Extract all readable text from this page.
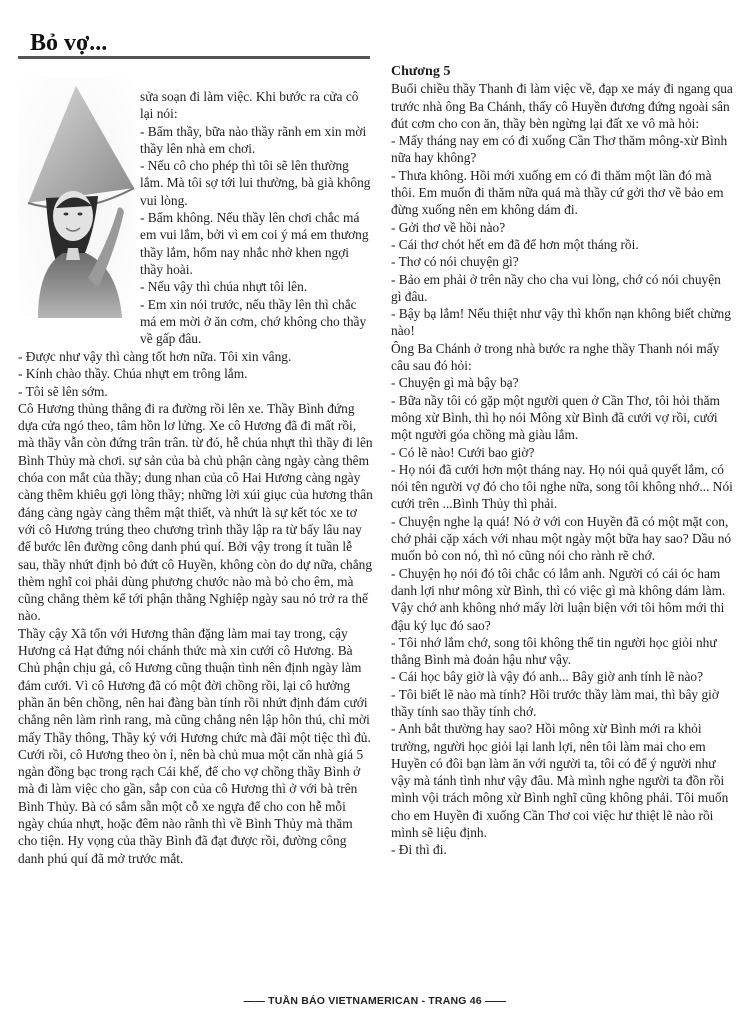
Bỏ vợ...

sửa soạn đi làm việc. Khi bước ra cửa cô lại nói:

- Bẩm thầy, bữa nào thầy rãnh em xin mời thầy lên nhà em chơi.

- Nếu cô cho phép thì tôi sẽ lên thường lắm. Mà tôi sợ tới lui thường, bà già không vui lòng.

- Bẩm không. Nếu thầy lên chơi chắc má em vui lắm, bởi vì em coi ý má em thương thầy lắm, hổm nay nhắc nhở khen ngợi thầy hoài.

- Nếu vậy thì chúa nhựt tôi lên.

- Em xin nói trước, nếu thầy lên thì chắc má em mời ở ăn cơm, chớ không cho thầy về gấp đâu.

- Được như vậy thì càng tốt hơn nữa. Tôi xin vâng.

- Kính chào thầy. Chúa nhựt em trông lắm.

- Tôi sẽ lên sớm.

Cô Hương thủng thẳng đi ra đường rồi lên xe. Thầy Bình đứng dựa cửa ngó theo, tâm hồn lơ lửng. Xe cô Hương đã đi mất rồi, mà thầy vẫn còn đứng trân trân. từ đó, hễ chúa nhựt thì thầy đi lên Bình Thủy mà chơi. sự sản của bà chủ phận càng ngày càng thêm chóa con mắt của thầy; dung nhan của cô Hai Hương càng ngày càng thêm khiêu gợi lòng thầy; những lời xúi giục của hương thân đáng càng ngày càng thêm mật thiết, và nhứt là sự kết tóc xe tơ với cô Hương trúng theo chương trình thầy lập ra từ bấy lâu nay để bước lên đường công danh phú quí. Bởi vậy trong ít tuần lễ sau, thầy nhứt định bỏ đứt cô Huyền, không còn do dự nữa, chẳng thèm nghĩ coi phải dùng phương chước nào mà bỏ cho êm, mà cũng chẳng thèm kể tới phận thằng Nghiệp ngày sau nó trở ra thế nào.

Thầy cậy Xã tổn với Hương thân đặng làm mai tay trong, cậy Hương cả Hạt đứng nói chánh thức mà xin cưới cô Hương. Bà Chủ phận chịu gả, cô Hương cũng thuận tình nên định ngày làm đám cưới. Vì cô Hương đã có một đời chồng rồi, lại cô hưởng phần ăn bên chồng, nên hai đàng bàn tính rồi nhứt định đám cưới chẳng nên làm rình rang, mà cũng chẳng nên lập hôn thú, chỉ mời mấy Thầy thông, Thầy ký với Hương chức mà đãi một tiệc thì đủ.

Cưới rồi, cô Hương theo òn ỉ, nên bà chủ mua một căn nhà giá 5 ngàn đồng bạc trong rạch Cái khế, để cho vợ chồng thầy Bình ở mà đi làm việc cho gần, sắp con của cô Hương thì ở với bà trên Bình Thủy. Bà có sắm sẵn một cỗ xe ngựa để cho con hễ mỗi ngày chúa nhựt, hoặc đêm nào rãnh thì về Bình Thủy mà thăm cho tiện. Hy vọng của thầy Bình đã đạt được rồi, đường công danh phú quí đã mở trước mắt.

Chương 5

Buổi chiều thầy Thanh đi làm việc về, đạp xe máy đi ngang qua trước nhà ông Ba Chánh, thấy cô Huyền đương đứng ngoài sân đút cơm cho con ăn, thầy bèn ngừng lại đất xe vô mà hỏi:

- Mấy tháng nay em có đi xuống Cần Thơ thăm mông-xừ Bình nữa hay không?

- Thưa không. Hồi mới xuống em có đi thăm một lần đó mà thôi. Em muốn đi thăm nữa quá mà thầy cứ gởi thơ về bảo em đừng xuống nên em không dám đi.

- Gởi thơ về hồi nào?

- Cái thơ chót hết em đã để hơn một tháng rồi.

- Thơ có nói chuyện gì?

- Bảo em phải ở trên nầy cho cha vui lòng, chớ có nói chuyện gì đâu.

- Bậy bạ lắm! Nếu thiệt như vậy thì khốn nạn không biết chừng nào!

Ông Ba Chánh ở trong nhà bước ra nghe thầy Thanh nói mấy câu sau đó hỏi:

- Chuyện gì mà bậy bạ?

- Bữa nầy tôi có gặp một người quen ở Cần Thơ, tôi hỏi thăm mông xừ Bình, thì họ nói Mông xừ Bình đã cưới vợ rồi, cưới một người góa chồng mà giàu lắm.

- Có lẽ nào! Cưới bao giờ?

- Họ nói đã cưới hơn một tháng nay. Họ nói quả quyết lắm, có nói tên người vợ đó cho tôi nghe nữa, song tôi không nhớ... Nói cưới trên ...Bình Thủy thì phải.

- Chuyện nghe lạ quá! Nó ở với con Huyền đã có một mặt con, chớ phải cặp xách với nhau một ngày một bữa hay sao? Dầu nó muốn bỏ con nó, thì nó cũng nói cho rành rẽ chớ.

- Chuyện họ nói đó tôi chắc có lắm anh. Người có cái óc ham danh lợi như mông xừ Bình, thì có việc gì mà không dám làm. Vậy chớ anh không nhớ mấy lời luận biện với tôi hôm mới thi đậu ký lục đó sao?

- Tôi nhớ lắm chớ, song tôi không thể tin người học giỏi như thằng Bình mà đoản hậu như vậy.

- Cái học bây giờ là vậy đó anh... Bây giờ anh tính lẽ nào?

- Tôi biết lẽ nào mà tính? Hồi trước thầy làm mai, thì bây giờ thầy tính sao thầy tính chớ.

- Anh bắt thường hay sao? Hồi mông xừ Bình mới ra khỏi trường, người học giỏi lại lanh lợi, nên tôi làm mai cho em Huyền có đôi bạn làm ăn với người ta, tôi có để ý người như vậy mà tánh tình như vậy đâu. Mà mình nghe người ta đồn rồi mình vội trách mông xừ Bình nghĩ cũng không phải. Tôi muốn cho em Huyền đi xuống Cần Thơ coi việc hư thiệt lẽ nào rồi mình sẽ liệu định.

- Đi thì đi.

—— TUẦN BÁO VIETNAMERICAN - TRANG 46 ——
